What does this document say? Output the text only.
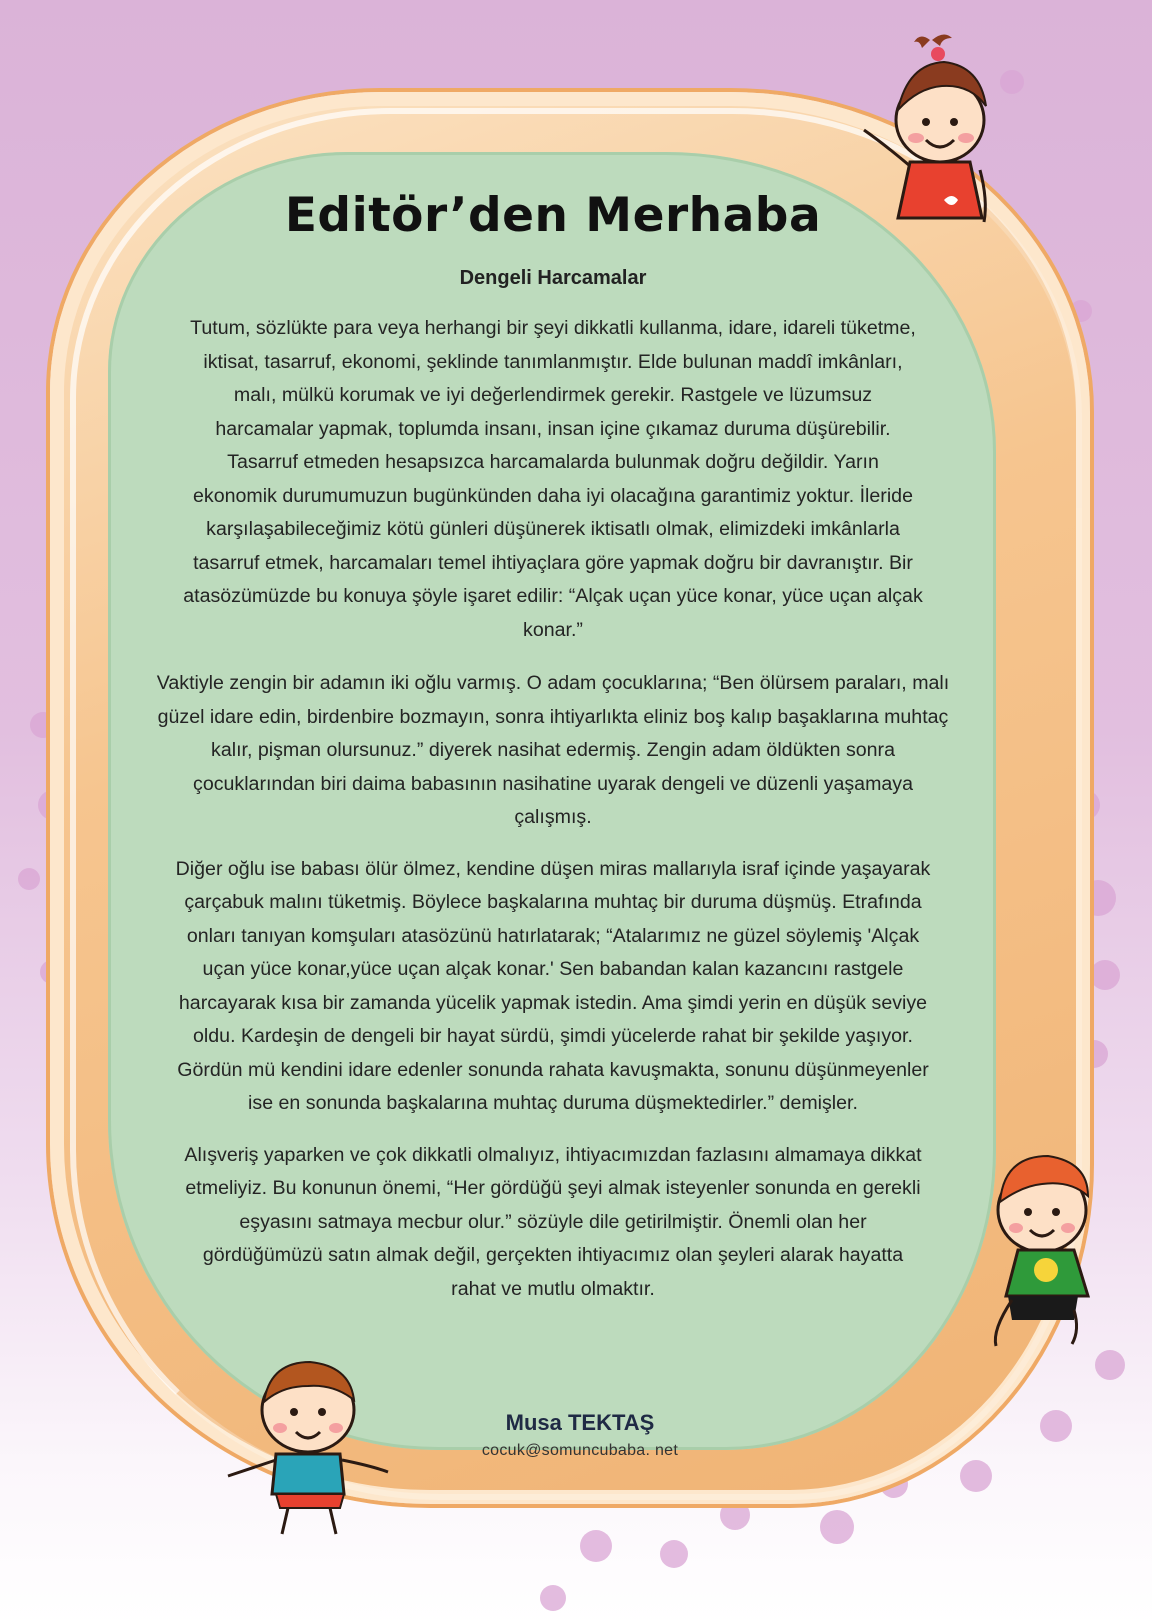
Editör’den Merhaba
Dengeli Harcamalar

Tutum, sözlükte para veya herhangi bir şeyi dikkatli kullanma, idare, idareli tüketme, iktisat, tasarruf, ekonomi, şeklinde tanımlanmıştır. Elde bulunan maddî imkânları, malı, mülkü korumak ve iyi değerlendirmek gerekir. Rastgele ve lüzumsuz harcamalar yapmak, toplumda insanı, insan içine çıkamaz duruma düşürebilir. Tasarruf etmeden hesapsızca harcamalarda bulunmak doğru değildir. Yarın ekonomik durumumuzun bugünkünden daha iyi olacağına garantimiz yoktur. İleride karşılaşabileceğimiz kötü günleri düşünerek iktisatlı olmak, elimizdeki imkânlarla tasarruf etmek, harcamaları temel ihtiyaçlara göre yapmak doğru bir davranıştır. Bir atasözümüzde bu konuya şöyle işaret edilir: “Alçak uçan yüce konar, yüce uçan alçak konar.”

Vaktiyle zengin bir adamın iki oğlu varmış. O adam çocuklarına; “Ben ölürsem paraları, malı güzel idare edin, birdenbire bozmayın, sonra ihtiyarlıkta eliniz boş kalıp başaklarına muhtaç kalır, pişman olursunuz.” diyerek nasihat edermiş. Zengin adam öldükten sonra çocuklarından biri daima babasının nasihatine uyarak dengeli ve düzenli yaşamaya çalışmış.

Diğer oğlu ise babası ölür ölmez, kendine düşen miras mallarıyla israf içinde yaşayarak çarçabuk malını tüketmiş. Böylece başkalarına muhtaç bir duruma düşmüş. Etrafında onları tanıyan komşuları atasözünü hatırlatarak; “Atalarımız ne güzel söylemiş 'Alçak uçan yüce konar,yüce uçan alçak konar.' Sen babandan kalan kazancını rastgele harcayarak kısa bir zamanda yücelik yapmak istedin. Ama şimdi yerin en düşük seviye oldu. Kardeşin de dengeli bir hayat sürdü, şimdi yücelerde rahat bir şekilde yaşıyor. Gördün mü kendini idare edenler sonunda rahata kavuşmakta, sonunu düşünmeyenler ise en sonunda başkalarına muhtaç duruma düşmektedirler.” demişler.

Alışveriş yaparken ve çok dikkatli olmalıyız, ihtiyacımızdan fazlasını almamaya dikkat etmeliyiz. Bu konunun önemi, “Her gördüğü şeyi almak isteyenler sonunda en gerekli eşyasını satmaya mecbur olur.” sözüyle dile getirilmiştir. Önemli olan her gördüğümüzü satın almak değil, gerçekten ihtiyacımız olan şeyleri alarak hayatta rahat ve mutlu olmaktır.

Musa TEKTAŞ
cocuk@somuncubaba. net
